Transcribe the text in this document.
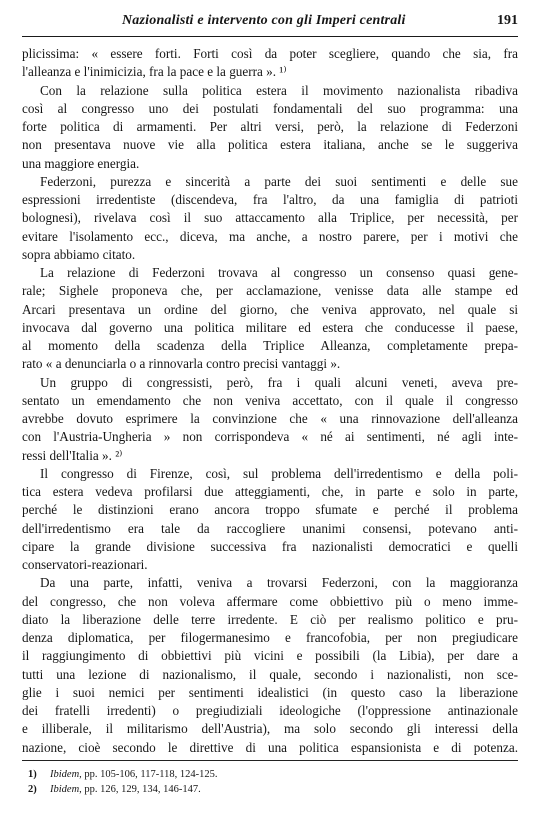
Nazionalisti e intervento con gli Imperi centrali	191
plicissima: « essere forti. Forti così da poter scegliere, quando che sia, fra
l'alleanza e l'inimicizia, fra la pace e la guerra ». ¹⁾
Con la relazione sulla politica estera il movimento nazionalista ribadiva
così al congresso uno dei postulati fondamentali del suo programma: una
forte politica di armamenti. Per altri versi, però, la relazione di Federzoni
non presentava nuove vie alla politica estera italiana, anche se le suggeriva
una maggiore energia.
Federzoni, purezza e sincerità a parte dei suoi sentimenti e delle sue
espressioni irredentiste (discendeva, fra l'altro, da una famiglia di patrioti
bolognesi), rivelava così il suo attaccamento alla Triplice, per necessità, per
evitare l'isolamento ecc., diceva, ma anche, a nostro parere, per i motivi che
sopra abbiamo citato.
La relazione di Federzoni trovava al congresso un consenso quasi gene-
rale; Sighele proponeva che, per acclamazione, venisse data alle stampe ed
Arcari presentava un ordine del giorno, che veniva approvato, nel quale si
invocava dal governo una politica militare ed estera che conducesse il paese,
al momento della scadenza della Triplice Alleanza, completamente prepa-
rato « a denunciarla o a rinnovarla contro precisi vantaggi ».
Un gruppo di congressisti, però, fra i quali alcuni veneti, aveva pre-
sentato un emendamento che non veniva accettato, con il quale il congresso
avrebbe dovuto esprimere la convinzione che « una rinnovazione dell'alleanza
con l'Austria-Ungheria » non corrispondeva « né ai sentimenti, né agli inte-
ressi dell'Italia ». ²⁾
Il congresso di Firenze, così, sul problema dell'irredentismo e della poli-
tica estera vedeva profilarsi due atteggiamenti, che, in parte e solo in parte,
perché le distinzioni erano ancora troppo sfumate e perché il problema
dell'irredentismo era tale da raccogliere unanimi consensi, potevano anti-
cipare la grande divisione successiva fra nazionalisti democratici e quelli
conservatori-reazionari.
Da una parte, infatti, veniva a trovarsi Federzoni, con la maggioranza
del congresso, che non voleva affermare come obbiettivo più o meno imme-
diato la liberazione delle terre irredente. E ciò per realismo politico e pru-
denza diplomatica, per filogermanesimo e francofobia, per non pregiudicare
il raggiungimento di obbiettivi più vicini e possibili (la Libia), per dare a
tutti una lezione di nazionalismo, il quale, secondo i nazionalisti, non sce-
glie i suoi nemici per sentimenti idealistici (in questo caso la liberazione
dei fratelli irredenti) o pregiudiziali ideologiche (l'oppressione antinazionale
e illiberale, il militarismo dell'Austria), ma solo secondo gli interessi della
nazione, cioè secondo le direttive di una politica espansionista e di potenza.
1) Ibidem, pp. 105-106, 117-118, 124-125.
2) Ibidem, pp. 126, 129, 134, 146-147.
